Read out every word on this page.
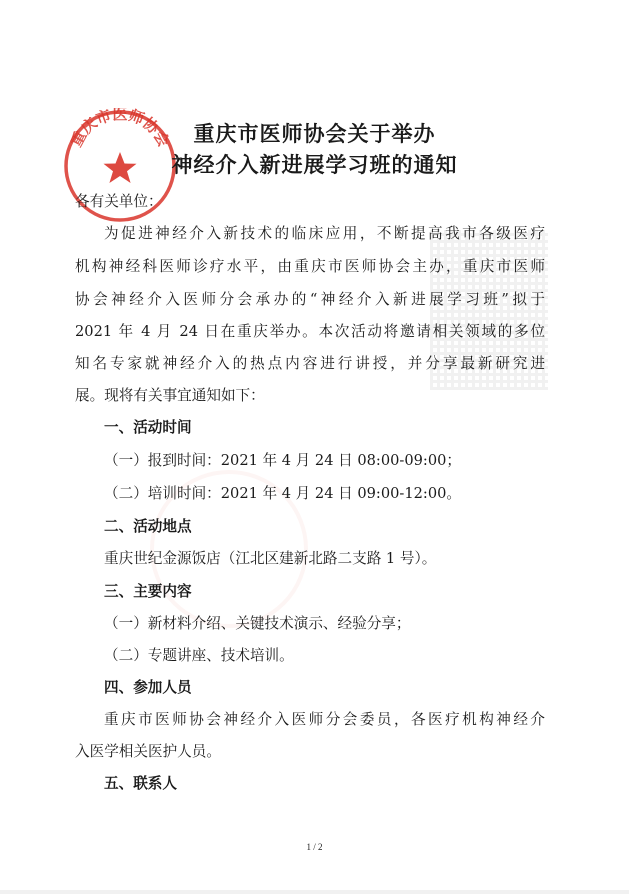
重庆市医师协会 重庆市医师协会关于举办
神经介入新进展学习班的通知
各有关单位：
为促进神经介入新技术的临床应用，不断提高我市各级医疗
机构神经科医师诊疗水平，由重庆市医师协会主办，重庆市医师
协会神经介入医师分会承办的“神经介入新进展学习班”拟于
2021 年 4 月 24 日在重庆举办。本次活动将邀请相关领域的多位
知名专家就神经介入的热点内容进行讲授，并分享最新研究进
展。现将有关事宜通知如下：
一、活动时间
（一）报到时间：2021 年 4 月 24 日 08:00-09:00；
（二）培训时间：2021 年 4 月 24 日 09:00-12:00。
二、活动地点
重庆世纪金源饭店（江北区建新北路二支路 1 号）。
三、主要内容
（一）新材料介绍、关键技术演示、经验分享；
（二）专题讲座、技术培训。
四、参加人员
重庆市医师协会神经介入医师分会委员，各医疗机构神经介
入医学相关医护人员。
五、联系人
1 / 2
